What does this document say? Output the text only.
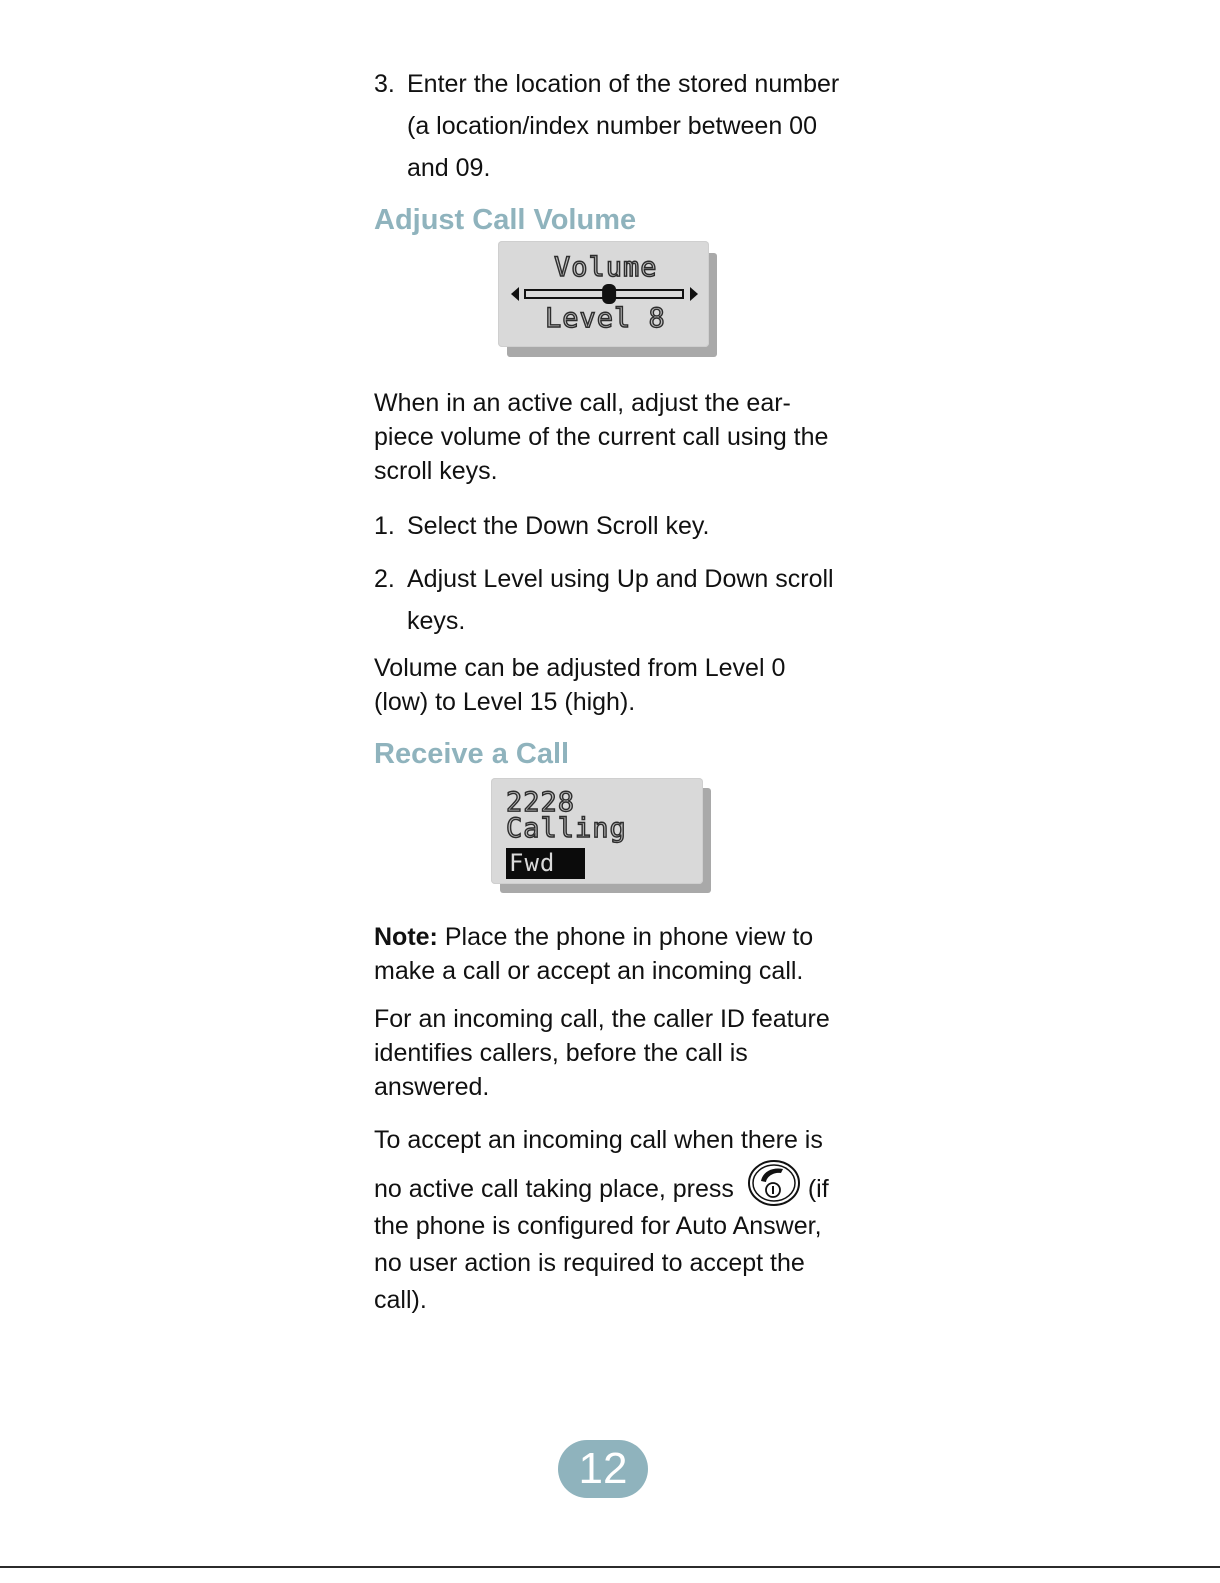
3. Enter the location of the stored number (a location/index number between 00 and 09.
Adjust Call Volume
Volume
Level 8
When in an active call, adjust the ear-piece volume of the current call using the scroll keys.
1. Select the Down Scroll key.
2. Adjust Level using Up and Down scroll keys.
Volume can be adjusted from Level 0 (low) to Level 15 (high).
Receive a Call
2228
Calling
Fwd
Note: Place the phone in phone view to make a call or accept an incoming call.
For an incoming call, the caller ID feature identifies callers, before the call is answered.
To accept an incoming call when there is no active call taking place, press	(if the phone is configured for Auto Answer, no user action is required to accept the call).
12
